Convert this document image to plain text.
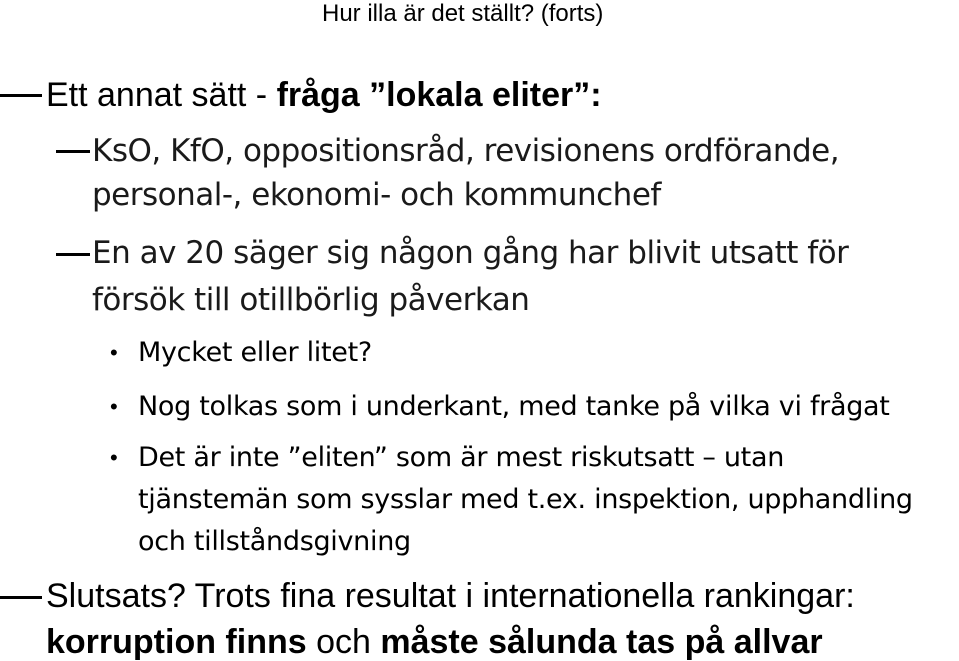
Hur illa är det ställt? (forts)
Ett annat sätt - fråga ”lokala eliter”:
KsO, KfO, oppositionsråd, revisionens ordförande,
personal-, ekonomi- och kommunchef
En av 20 säger sig någon gång har blivit utsatt för
försök till otillbörlig påverkan
• Mycket eller litet?
• Nog tolkas som i underkant, med tanke på vilka vi frågat
• Det är inte ”eliten” som är mest riskutsatt – utan
tjänstemän som sysslar med t.ex. inspektion, upphandling
och tillståndsgivning
Slutsats? Trots fina resultat i internationella rankingar:
korruption finns och måste sålunda tas på allvar
